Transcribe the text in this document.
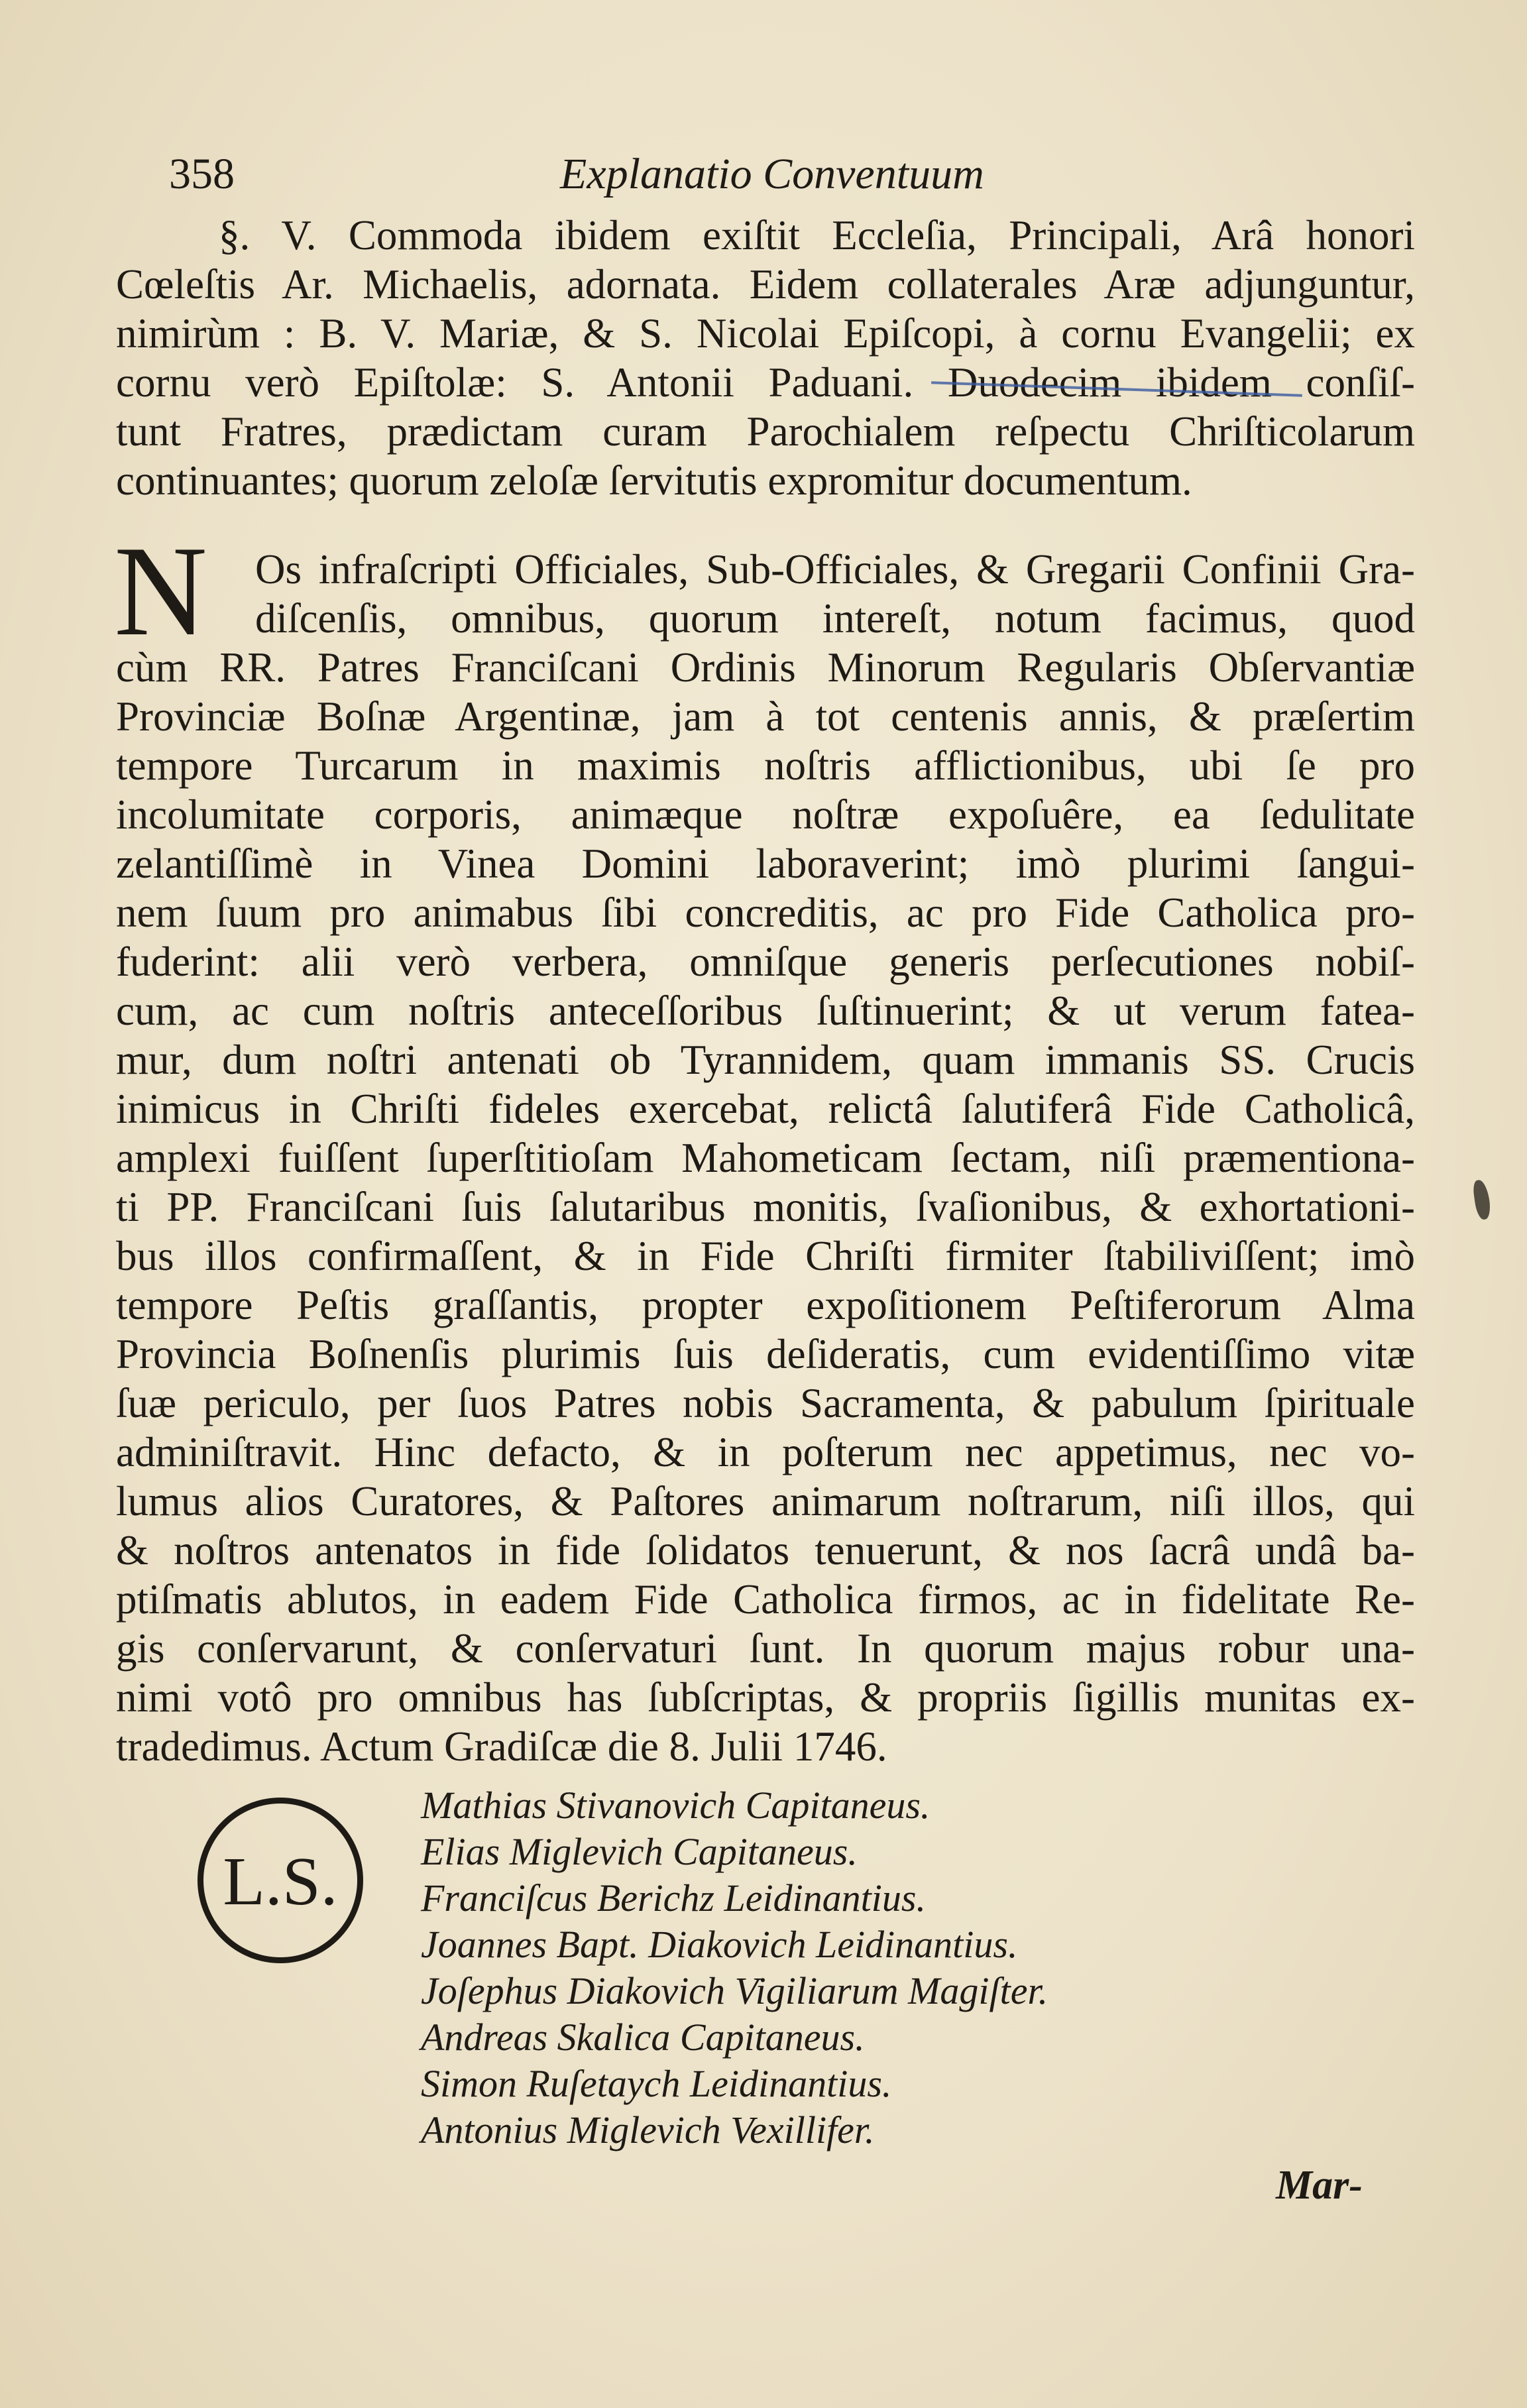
358	Explanatio Conventuum
§. V. Commoda ibidem exiſtit Eccleſia, Principali, Arâ honori
Cœleſtis Ar. Michaelis, adornata. Eidem collaterales Aræ adjunguntur,
nimirùm : B. V. Mariæ, & S. Nicolai Epiſcopi, à cornu Evangelii; ex
cornu verò Epiſtolæ: S. Antonii Paduani. Duodecim ibidem conſiſ-
tunt Fratres, prædictam curam Parochialem reſpectu Chriſticolarum
continuantes; quorum zeloſæ ſervitutis expromitur documentum.
N Os infraſcripti Officiales, Sub-Officiales, & Gregarii Confinii Gra-
diſcenſis, omnibus, quorum intereſt, notum facimus, quod
cùm RR. Patres Franciſcani Ordinis Minorum Regularis Obſervantiæ
Provinciæ Boſnæ Argentinæ, jam à tot centenis annis, & præſertim
tempore Turcarum in maximis noſtris afflictionibus, ubi ſe pro
incolumitate corporis, animæque noſtræ expoſuêre, ea ſedulitate
zelantiſſimè in Vinea Domini laboraverint; imò plurimi ſangui-
nem ſuum pro animabus ſibi concreditis, ac pro Fide Catholica pro-
fuderint: alii verò verbera, omniſque generis perſecutiones nobiſ-
cum, ac cum noſtris anteceſſoribus ſuſtinuerint; & ut verum fatea-
mur, dum noſtri antenati ob Tyrannidem, quam immanis SS. Crucis
inimicus in Chriſti fideles exercebat, relictâ ſalutiferâ Fide Catholicâ,
amplexi fuiſſent ſuperſtitioſam Mahometicam ſectam, niſi præmentiona-
ti PP. Franciſcani ſuis ſalutaribus monitis, ſvaſionibus, & exhortationi-
bus illos confirmaſſent, & in Fide Chriſti firmiter ſtabiliviſſent; imò
tempore Peſtis graſſantis, propter expoſitionem Peſtiferorum Alma
Provincia Boſnenſis plurimis ſuis deſideratis, cum evidentiſſimo vitæ
ſuæ periculo, per ſuos Patres nobis Sacramenta, & pabulum ſpirituale
adminiſtravit. Hinc defacto, & in poſterum nec appetimus, nec vo-
lumus alios Curatores, & Paſtores animarum noſtrarum, niſi illos, qui
& noſtros antenatos in fide ſolidatos tenuerunt, & nos ſacrâ undâ ba-
ptiſmatis ablutos, in eadem Fide Catholica firmos, ac in fidelitate Re-
gis conſervarunt, & conſervaturi ſunt. In quorum majus robur una-
nimi votô pro omnibus has ſubſcriptas, & propriis ſigillis munitas ex-
tradedimus. Actum Gradiſcæ die 8. Julii 1746.
L.S.
Mathias Stivanovich Capitaneus.
Elias Miglevich Capitaneus.
Franciſcus Berichz Leidinantius.
Joannes Bapt. Diakovich Leidinantius.
Joſephus Diakovich Vigiliarum Magiſter.
Andreas Skalica Capitaneus.
Simon Ruſetaych Leidinantius.
Antonius Miglevich Vexillifer.
Mar-
